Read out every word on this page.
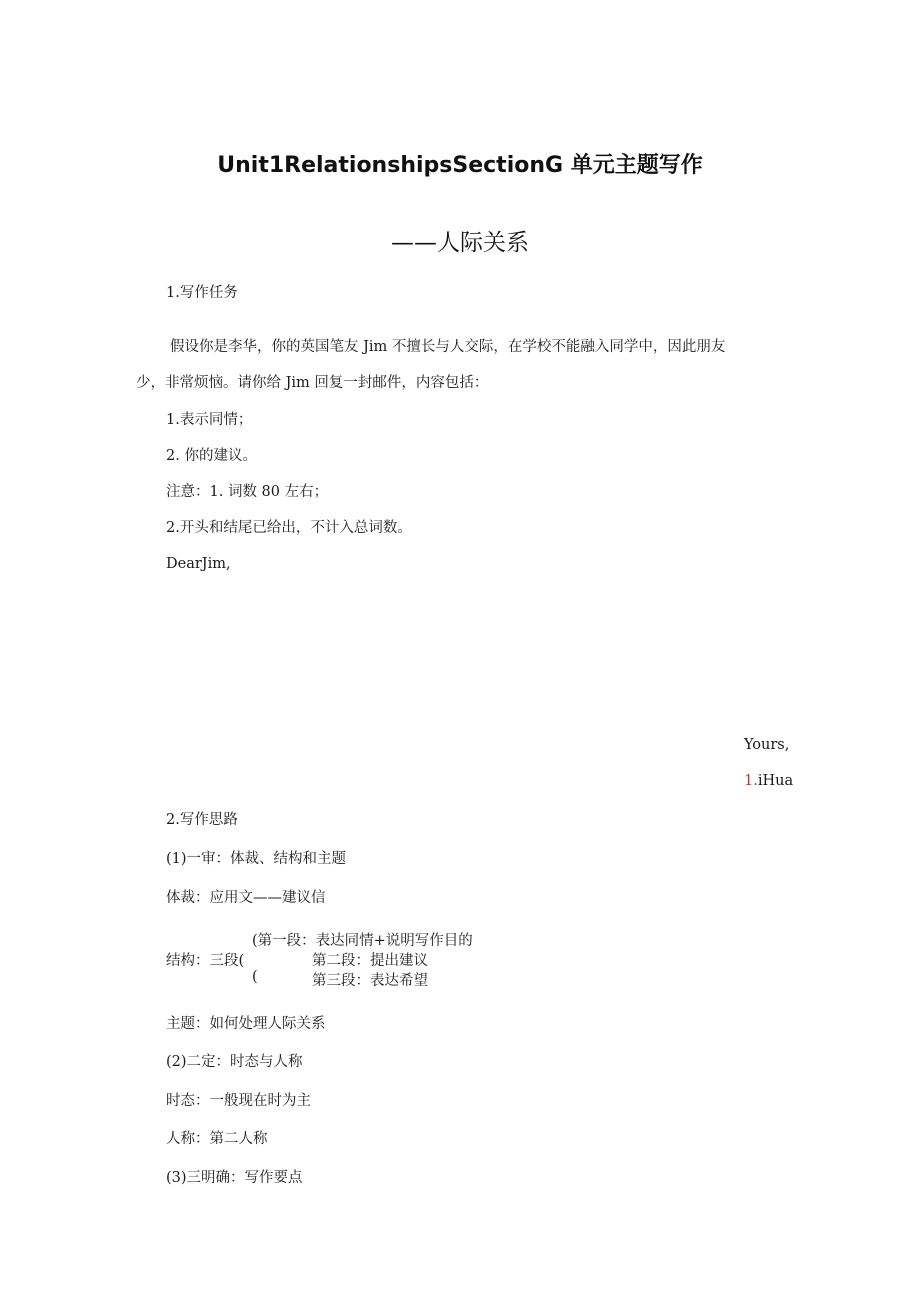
Unit1RelationshipsSectionG 单元主题写作
——人际关系
1.写作任务
假设你是李华，你的英国笔友 Jim 不擅长与人交际，在学校不能融入同学中，因此朋友
少，非常烦恼。请你给 Jim 回复一封邮件，内容包括：
1.表示同情；
2. 你的建议。
注意：1. 词数 80 左右；
2.开头和结尾已给出，不计入总词数。
DearJim,
Yours,
1.iHua
2.写作思路
(1)一审：体裁、结构和主题
体裁：应用文——建议信
(第一段：表达同情+说明写作目的
结构：三段(	第二段：提出建议
(	第三段：表达希望
主题：如何处理人际关系
(2)二定：时态与人称
时态：一般现在时为主
人称：第二人称
(3)三明确：写作要点
